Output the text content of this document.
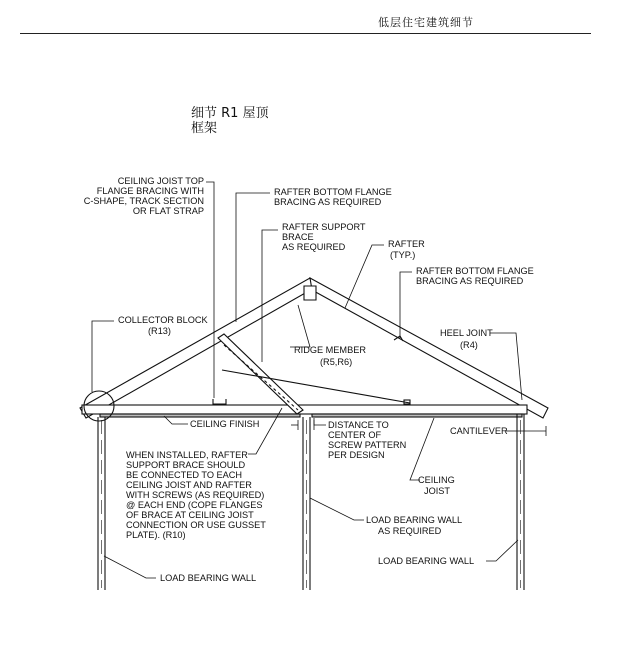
低层住宅建筑细节
细节 R1 屋顶
框架
CEILING JOIST TOP
FLANGE BRACING WITH
C-SHAPE, TRACK SECTION
OR FLAT STRAP
RAFTER BOTTOM FLANGE
BRACING AS REQUIRED
RAFTER SUPPORT
BRACE
AS REQUIRED	RAFTER
(TYP.)
RAFTER BOTTOM FLANGE
BRACING AS REQUIRED
COLLECTOR BLOCK
(R13)
RIDGE MEMBER
(R5,R6)
HEEL JOINT
(R4)
CEILING FINISH	DISTANCE TO
CENTER OF
SCREW PATTERN
PER DESIGN
CANTILEVER
WHEN INSTALLED, RAFTER
SUPPORT BRACE SHOULD
BE CONNECTED TO EACH
CEILING JOIST AND RAFTER
WITH SCREWS (AS REQUIRED)
@ EACH END (COPE FLANGES
OF BRACE AT CEILING JOIST
CONNECTION OR USE GUSSET
PLATE). (R10)
CEILING
JOIST
LOAD BEARING WALL
AS REQUIRED
LOAD BEARING WALL
LOAD BEARING WALL
